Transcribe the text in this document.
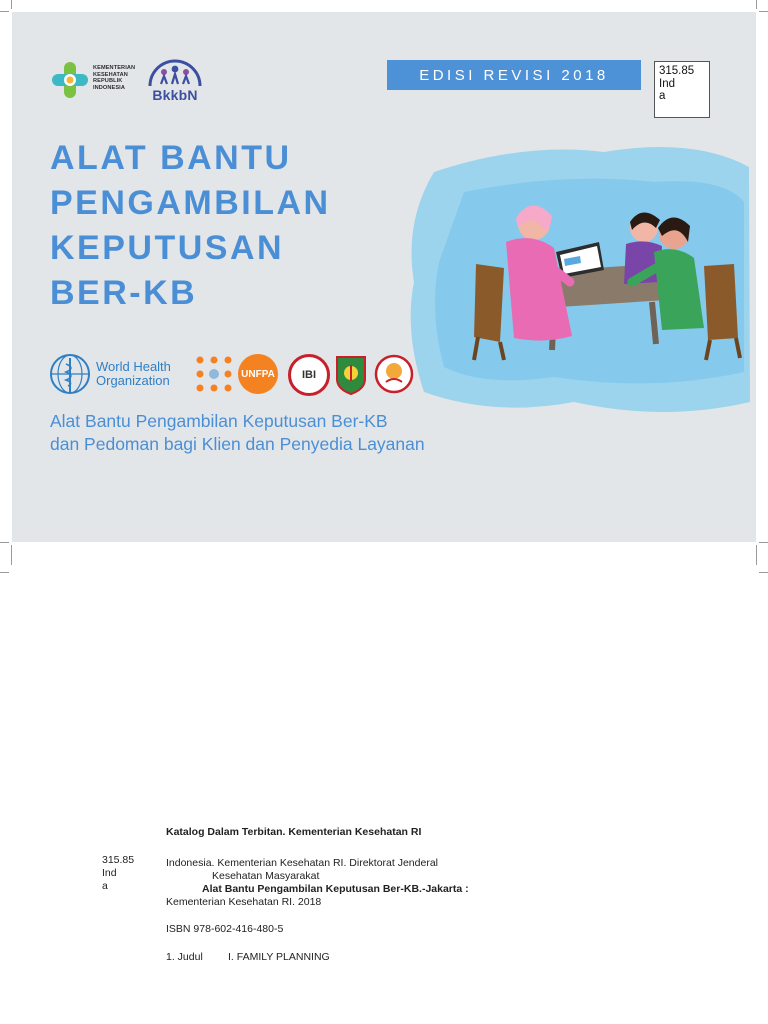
KEMENTERIAN
KESEHATAN
REPUBLIK
INDONESIA	BkkbN
EDISI REVISI 2018	315.85
Ind
a
ALAT BANTU
PENGAMBILAN
KEPUTUSAN
BER-KB
World Health
Organization	UNFPA IBI
Alat Bantu Pengambilan Keputusan Ber-KB
dan Pedoman bagi Klien dan Penyedia Layanan
Katalog Dalam Terbitan. Kementerian Kesehatan RI
315.85
Ind
a
Indonesia. Kementerian Kesehatan RI. Direktorat Jenderal
Kesehatan Masyarakat
Alat Bantu Pengambilan Keputusan Ber-KB.-Jakarta :
Kementerian Kesehatan RI. 2018
ISBN 978-602-416-480-5
1. Judul I. FAMILY PLANNING
